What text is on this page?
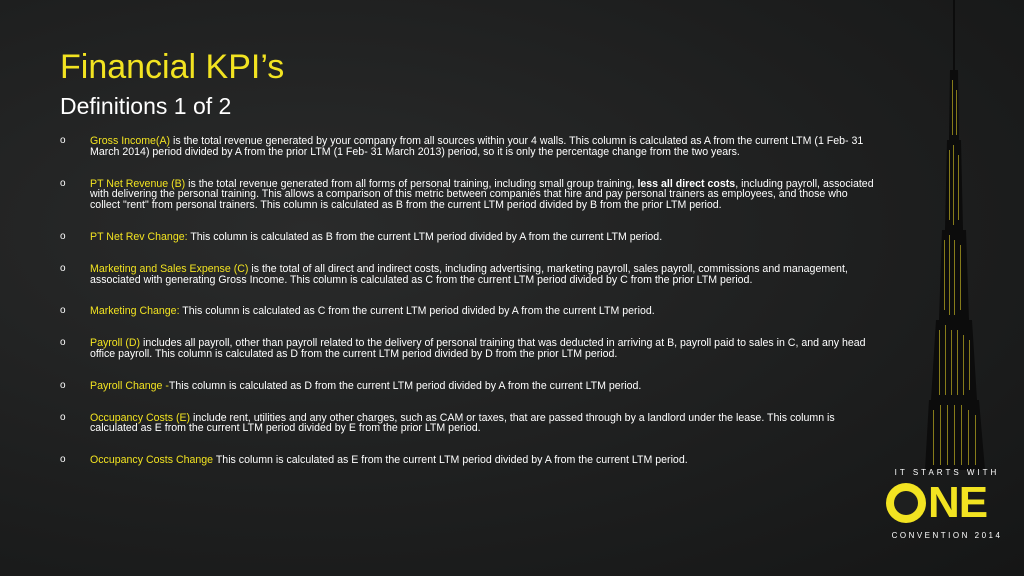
Financial KPI’s
Definitions 1 of 2
o Gross Income(A) is the total revenue generated by your company from all sources within your 4 walls. This column is calculated as A from the current LTM (1 Feb- 31 March 2014) period divided by A from the prior LTM (1 Feb- 31 March 2013) period, so it is only the percentage change from the two years.
o PT Net Revenue (B) is the total revenue generated from all forms of personal training, including small group training, less all direct costs, including payroll, associated with delivering the personal training. This allows a comparison of this metric between companies that hire and pay personal trainers as employees, and those who collect "rent" from personal trainers. This column is calculated as B from the current LTM period divided by B from the prior LTM period.
o PT Net Rev Change: This column is calculated as B from the current LTM period divided by A from the current LTM period.
o Marketing and Sales Expense (C) is the total of all direct and indirect costs, including advertising, marketing payroll, sales payroll, commissions and management, associated with generating Gross Income. This column is calculated as C from the current LTM period divided by C from the prior LTM period.
o Marketing Change: This column is calculated as C from the current LTM period divided by A from the current LTM period.
o Payroll (D) includes all payroll, other than payroll related to the delivery of personal training that was deducted in arriving at B, payroll paid to sales in C, and any head office payroll. This column is calculated as D from the current LTM period divided by D from the prior LTM period.
o Payroll Change -This column is calculated as D from the current LTM period divided by A from the current LTM period.
o Occupancy Costs (E) include rent, utilities and any other charges, such as CAM or taxes, that are passed through by a landlord under the lease. This column is calculated as E from the current LTM period divided by E from the prior LTM period.
o Occupancy Costs Change This column is calculated as E from the current LTM period divided by A from the current LTM period.
IT STARTS WITH
NE
CONVENTION 2014
